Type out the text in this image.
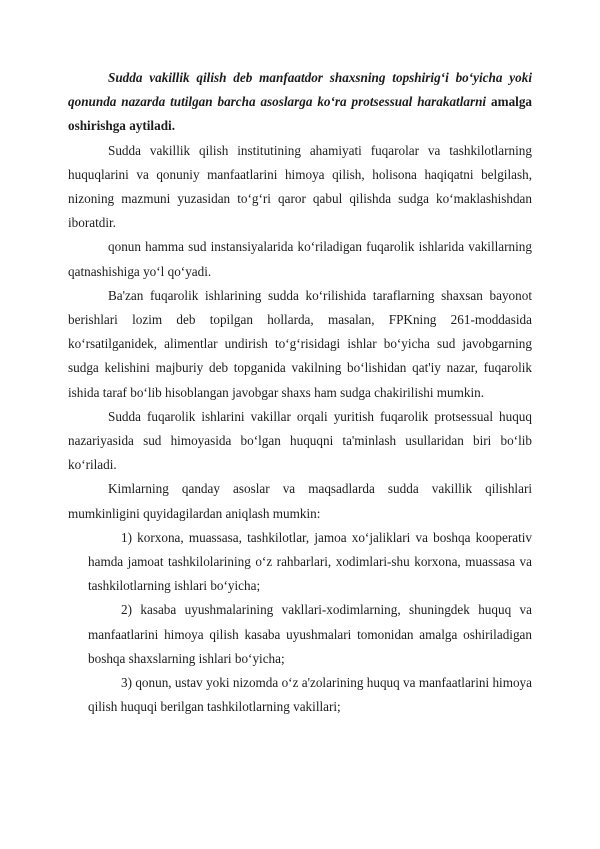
Sudda vakillik qilish deb manfaatdor shaxsning topshirig‘i bo‘yicha yoki qonunda nazarda tutilgan barcha asoslarga ko‘ra protsessual harakatlarni amalga oshirishga aytiladi.

Sudda vakillik qilish institutining ahamiyati fuqarolar va tashkilotlarning huquqlarini va qonuniy manfaatlarini himoya qilish, holisona haqiqatni belgilash, nizoning mazmuni yuzasidan to‘g‘ri qaror qabul qilishda sudga ko‘maklashishdan iboratdir.

qonun hamma sud instansiyalarida ko‘riladigan fuqarolik ishlarida vakillarning qatnashishiga yo‘l qo‘yadi.

Ba'zan fuqarolik ishlarining sudda ko‘rilishida taraflarning shaxsan bayonot berishlari lozim deb topilgan hollarda, masalan, FPKning 261-moddasida ko‘rsatilganidek, alimentlar undirish to‘g‘risidagi ishlar bo‘yicha sud javobgarning sudga kelishini majburiy deb topganida vakilning bo‘lishidan qat'iy nazar, fuqarolik ishida taraf bo‘lib hisoblangan javobgar shaxs ham sudga chakirilishi mumkin.

Sudda fuqarolik ishlarini vakillar orqali yuritish fuqarolik protsessual huquq nazariyasida sud himoyasida bo‘lgan huquqni ta'minlash usullaridan biri bo‘lib ko‘riladi.

Kimlarning qanday asoslar va maqsadlarda sudda vakillik qilishlari mumkinligini quyidagilardan aniqlash mumkin:

1) korxona, muassasa, tashkilotlar, jamoa xo‘jaliklari va boshqa kooperativ hamda jamoat tashkilolarining o‘z rahbarlari, xodimlari-shu korxona, muassasa va tashkilotlarning ishlari bo‘yicha;

2) kasaba uyushmalarining vakllari-xodimlarning, shuningdek huquq va manfaatlarini himoya qilish kasaba uyushmalari tomonidan amalga oshiriladigan boshqa shaxslarning ishlari bo‘yicha;

3) qonun, ustav yoki nizomda o‘z a'zolarining huquq va manfaatlarini himoya qilish huquqi berilgan tashkilotlarning vakillari;
